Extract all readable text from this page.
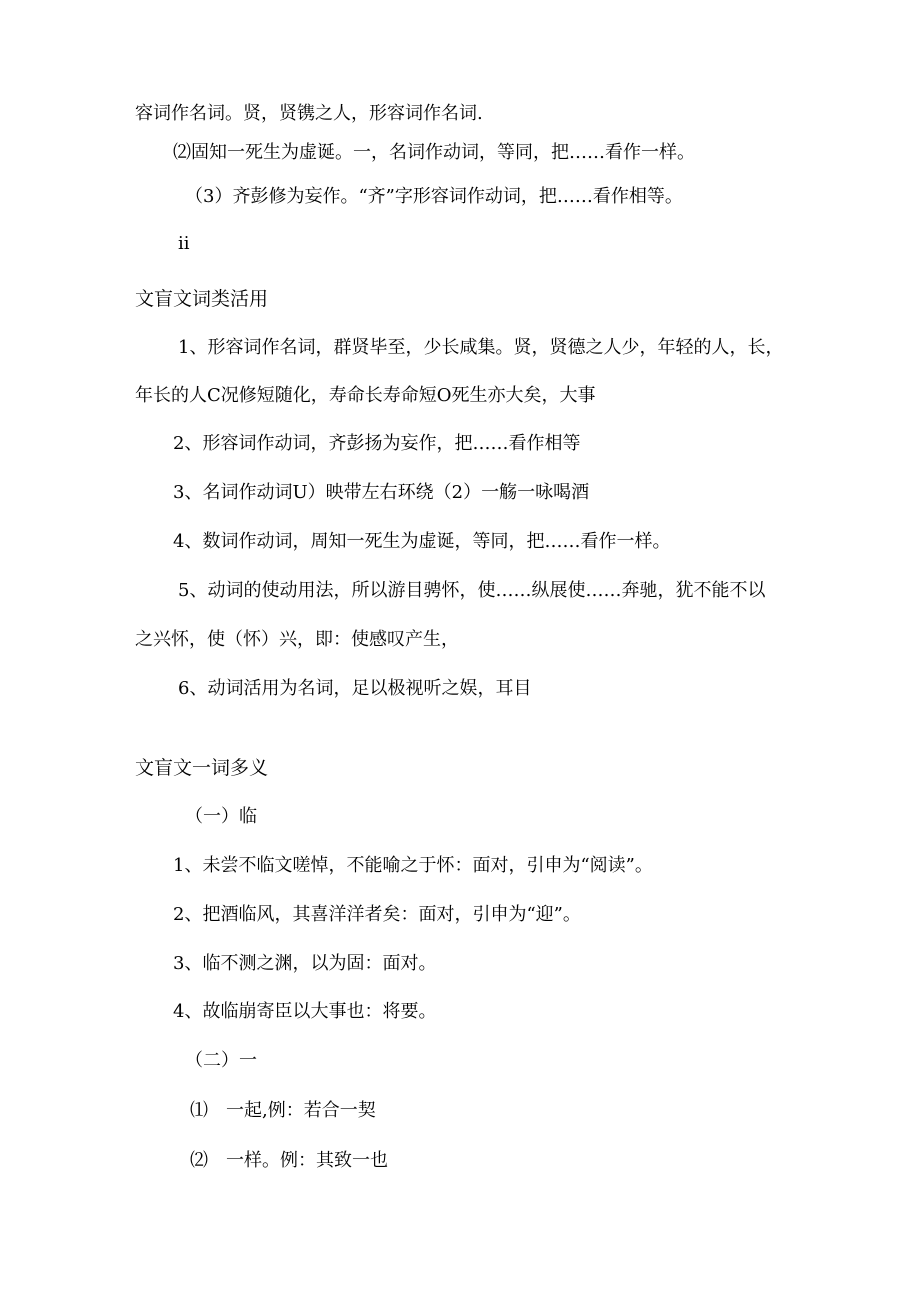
容词作名词。贤，贤镌之人，形容词作名词.
⑵固知一死生为虚诞。一，名词作动词，等同，把……看作一样。
（3）齐彭修为妄作。“齐”字形容词作动词，把……看作相等。
ii
文盲文词类活用
1、形容词作名词，群贤毕至，少长咸集。贤，贤德之人少，年轻的人，长，
年长的人C况修短随化，寿命长寿命短O死生亦大矣，大事
2、形容词作动词，齐彭扬为妄作，把……看作相等
3、名词作动词U）映带左右环绕（2）一觞一咏喝酒
4、数词作动词，周知一死生为虚诞，等同，把……看作一样。
5、动词的使动用法，所以游目骋怀，使……纵展使……奔驰，犹不能不以
之兴怀，使（怀）兴，即：使感叹产生，
6、动词活用为名词，足以极视听之娱，耳目
文盲文一词多义
（一）临
1、未尝不临文嗟悼，不能喻之于怀：面对，引申为“阅读”。
2、把酒临风，其喜洋洋者矣：面对，引申为“迎”。
3、临不测之渊，以为固：面对。
4、故临崩寄臣以大事也：将要。
（二）一
⑴　一起,例：若合一契
⑵　一样。例：其致一也
